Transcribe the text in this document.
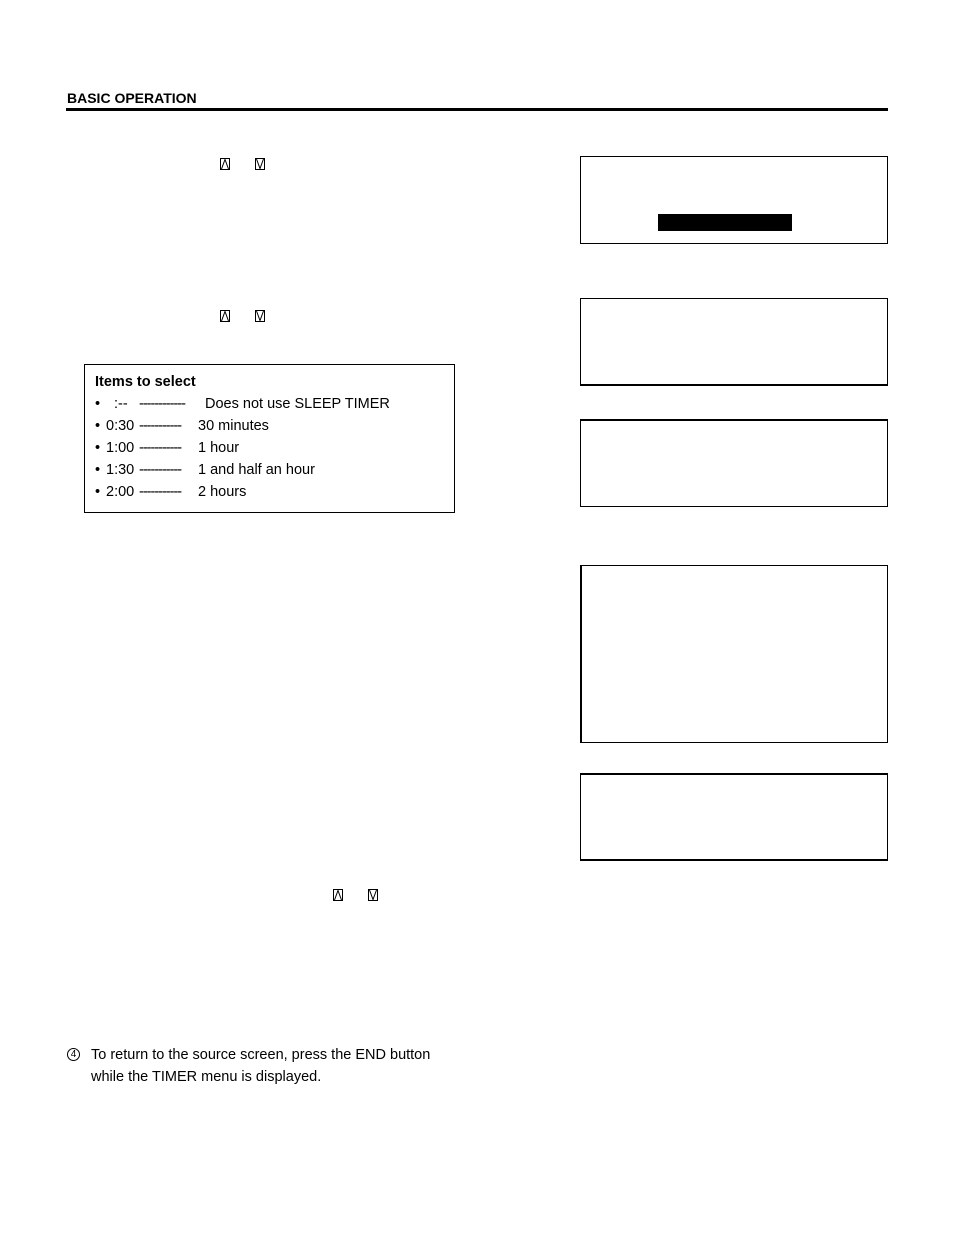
BASIC OPERATION
Items to select
• :-- ------------	Does not use SLEEP TIMER
• 0:30 -----------	30 minutes
• 1:00 -----------	1 hour
• 1:30 -----------	1 and half an hour
• 2:00 -----------	2 hours
4 To return to the source screen, press the END button
while the TIMER menu is displayed.
